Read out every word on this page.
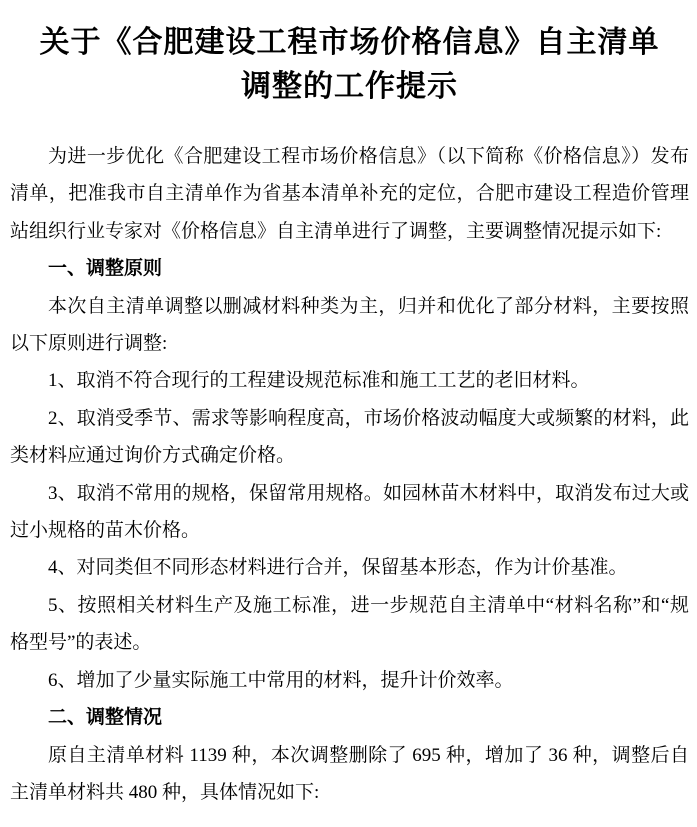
关于《合肥建设工程市场价格信息》自主清单
调整的工作提示

为进一步优化《合肥建设工程市场价格信息》（以下简称《价格信息》）发布清单，把准我市自主清单作为省基本清单补充的定位，合肥市建设工程造价管理站组织行业专家对《价格信息》自主清单进行了调整，主要调整情况提示如下:

一、调整原则

本次自主清单调整以删减材料种类为主，归并和优化了部分材料，主要按照以下原则进行调整:

1、取消不符合现行的工程建设规范标准和施工工艺的老旧材料。

2、取消受季节、需求等影响程度高，市场价格波动幅度大或频繁的材料，此类材料应通过询价方式确定价格。

3、取消不常用的规格，保留常用规格。如园林苗木材料中，取消发布过大或过小规格的苗木价格。

4、对同类但不同形态材料进行合并，保留基本形态，作为计价基准。

5、按照相关材料生产及施工标准，进一步规范自主清单中“材料名称”和“规格型号”的表述。

6、增加了少量实际施工中常用的材料，提升计价效率。

二、调整情况

原自主清单材料 1139 种，本次调整删除了 695 种，增加了 36 种，调整后自主清单材料共 480 种，具体情况如下:
